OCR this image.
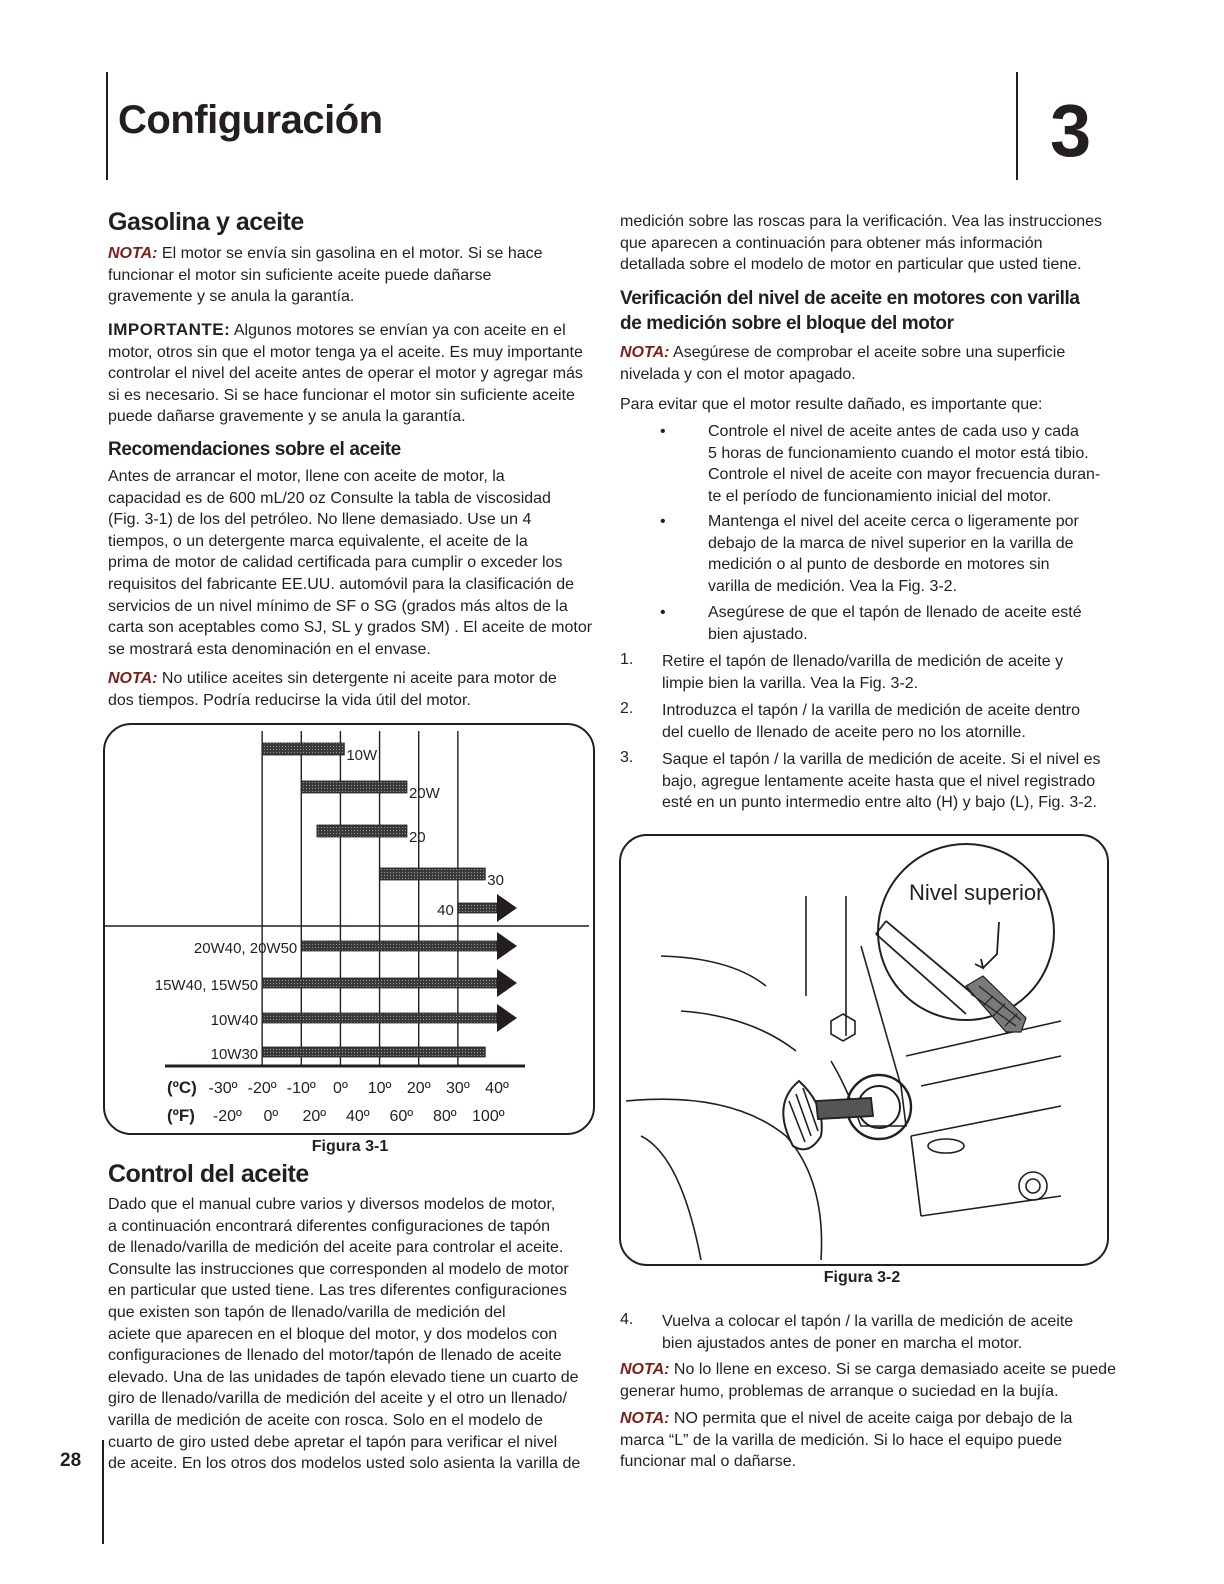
Configuración	3
Gasolina y aceite
NOTA: El motor se envía sin gasolina en el motor. Si se hace
funcionar el motor sin suficiente aceite puede dañarse
gravemente y se anula la garantía.
IMPORTANTE: Algunos motores se envían ya con aceite en el
motor, otros sin que el motor tenga ya el aceite. Es muy importante
controlar el nivel del aceite antes de operar el motor y agregar más
si es necesario. Si se hace funcionar el motor sin suficiente aceite
puede dañarse gravemente y se anula la garantía.
Recomendaciones sobre el aceite
Antes de arrancar el motor, llene con aceite de motor, la
capacidad es de 600 mL/20 oz Consulte la tabla de viscosidad
(Fig. 3-1) de los del petróleo. No llene demasiado. Use un 4
tiempos, o un detergente marca equivalente, el aceite de la
prima de motor de calidad certificada para cumplir o exceder los
requisitos del fabricante EE.UU. automóvil para la clasificación de
servicios de un nivel mínimo de SF o SG (grados más altos de la
carta son aceptables como SJ, SL y grados SM) . El aceite de motor
se mostrará esta denominación en el envase.
NOTA: No utilice aceites sin detergente ni aceite para motor de
dos tiempos. Podría reducirse la vida útil del motor.
10W
20W
20
30
40
20W40, 20W50
15W40, 15W50
10W40
10W30
(ºC)
(ºF)
-30º -20º -10º 0º 10º 20º 30º 40º
-20º 0º 20º 40º 60º 80º 100º
Figura 3-1
Control del aceite
Dado que el manual cubre varios y diversos modelos de motor,
a continuación encontrará diferentes configuraciones de tapón
de llenado/varilla de medición del aceite para controlar el aceite.
Consulte las instrucciones que corresponden al modelo de motor
en particular que usted tiene. Las tres diferentes configuraciones
que existen son tapón de llenado/varilla de medición del
aciete que aparecen en el bloque del motor, y dos modelos con
configuraciones de llenado del motor/tapón de llenado de aceite
elevado. Una de las unidades de tapón elevado tiene un cuarto de
giro de llenado/varilla de medición del aceite y el otro un llenado/
varilla de medición de aceite con rosca. Solo en el modelo de
cuarto de giro usted debe apretar el tapón para verificar el nivel
de aceite. En los otros dos modelos usted solo asienta la varilla de
28
medición sobre las roscas para la verificación. Vea las instrucciones
que aparecen a continuación para obtener más información
detallada sobre el modelo de motor en particular que usted tiene.
Verificación del nivel de aceite en motores con varilla
de medición sobre el bloque del motor
NOTA: Asegúrese de comprobar el aceite sobre una superficie
nivelada y con el motor apagado.
Para evitar que el motor resulte dañado, es importante que:
•	Controle el nivel de aceite antes de cada uso y cada
5 horas de funcionamiento cuando el motor está tibio.
Controle el nivel de aceite con mayor frecuencia duran-
te el período de funcionamiento inicial del motor.
•	Mantenga el nivel del aceite cerca o ligeramente por
debajo de la marca de nivel superior en la varilla de
medición o al punto de desborde en motores sin
varilla de medición. Vea la Fig. 3-2.
•	Asegúrese de que el tapón de llenado de aceite esté
bien ajustado.
1. Retire el tapón de llenado/varilla de medición de aceite y
limpie bien la varilla. Vea la Fig. 3-2.
2. Introduzca el tapón / la varilla de medición de aceite dentro
del cuello de llenado de aceite pero no los atornille.
3. Saque el tapón / la varilla de medición de aceite. Si el nivel es
bajo, agregue lentamente aceite hasta que el nivel registrado
esté en un punto intermedio entre alto (H) y bajo (L), Fig. 3-2.
Nivel superior
Figura 3-2
4. Vuelva a colocar el tapón / la varilla de medición de aceite
bien ajustados antes de poner en marcha el motor.
NOTA: No lo llene en exceso. Si se carga demasiado aceite se puede
generar humo, problemas de arranque o suciedad en la bujía.
NOTA: NO permita que el nivel de aceite caiga por debajo de la
marca “L” de la varilla de medición. Si lo hace el equipo puede
funcionar mal o dañarse.
